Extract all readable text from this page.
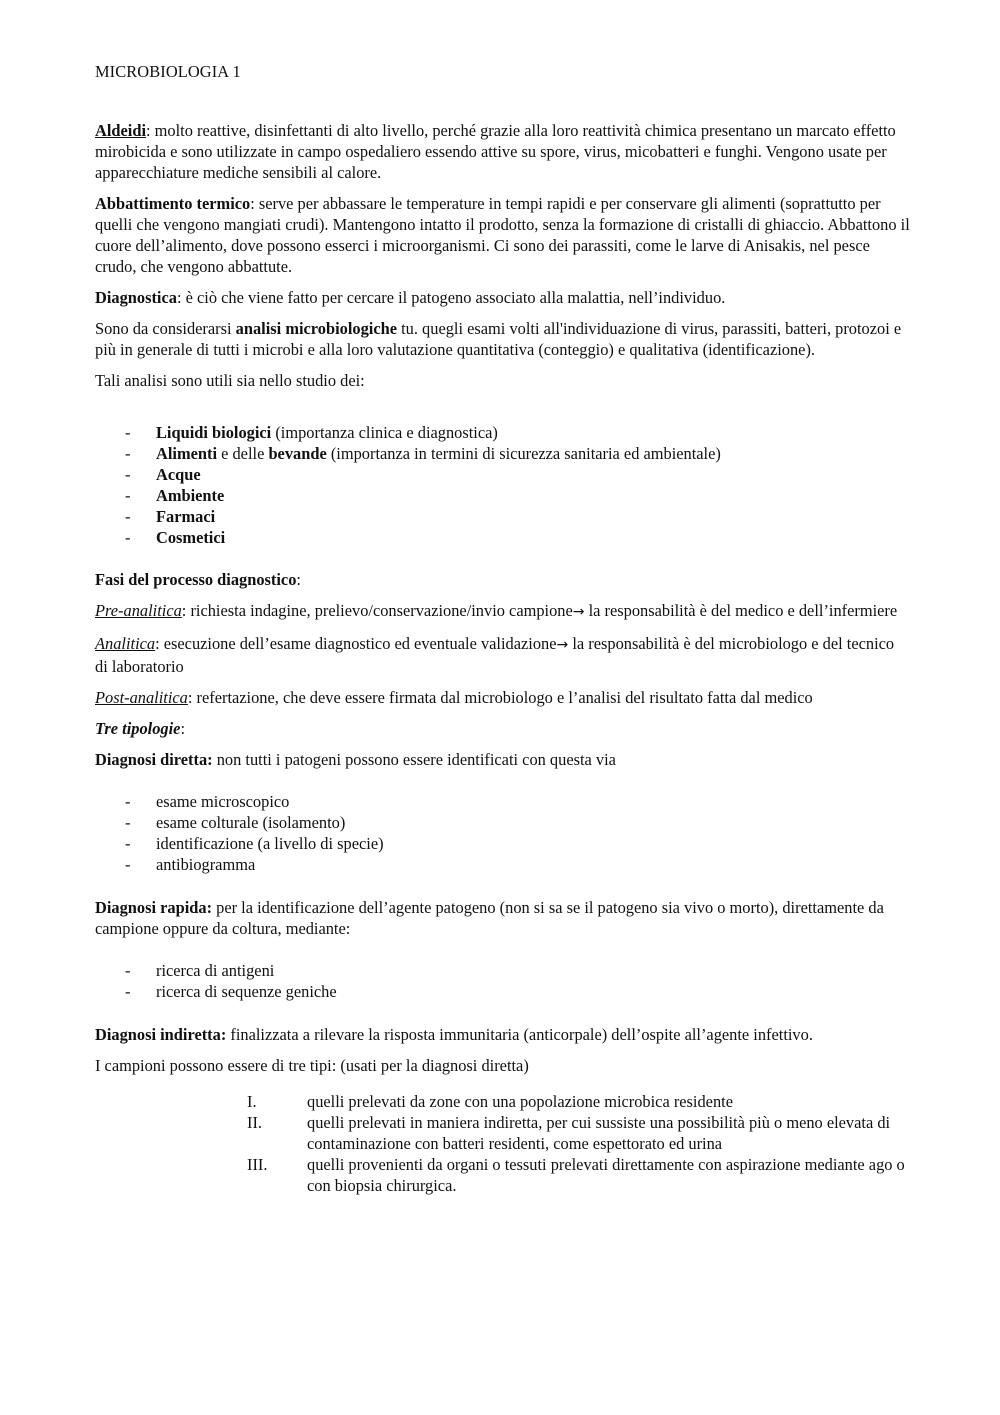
MICROBIOLOGIA 1

Aldeidi: molto reattive, disinfettanti di alto livello, perché grazie alla loro reattività chimica presentano un marcato effetto mirobicida e sono utilizzate in campo ospedaliero essendo attive su spore, virus, micobatteri e funghi. Vengono usate per apparecchiature mediche sensibili al calore.

Abbattimento termico: serve per abbassare le temperature in tempi rapidi e per conservare gli alimenti (soprattutto per quelli che vengono mangiati crudi). Mantengono intatto il prodotto, senza la formazione di cristalli di ghiaccio. Abbattono il cuore dell’alimento, dove possono esserci i microorganismi. Ci sono dei parassiti, come le larve di Anisakis, nel pesce crudo, che vengono abbattute.

Diagnostica: è ciò che viene fatto per cercare il patogeno associato alla malattia, nell’individuo.

Sono da considerarsi analisi microbiologiche tu. quegli esami volti all'individuazione di virus, parassiti, batteri, protozoi e più in generale di tutti i microbi e alla loro valutazione quantitativa (conteggio) e qualitativa (identificazione).

Tali analisi sono utili sia nello studio dei:

- Liquidi biologici (importanza clinica e diagnostica)
- Alimenti e delle bevande (importanza in termini di sicurezza sanitaria ed ambientale)
- Acque
- Ambiente
- Farmaci
- Cosmetici

Fasi del processo diagnostico:

Pre-analitica: richiesta indagine, prelievo/conservazione/invio campione→ la responsabilità è del medico e dell’infermiere

Analitica: esecuzione dell’esame diagnostico ed eventuale validazione→ la responsabilità è del microbiologo e del tecnico di laboratorio

Post-analitica: refertazione, che deve essere firmata dal microbiologo e l’analisi del risultato fatta dal medico

Tre tipologie:

Diagnosi diretta: non tutti i patogeni possono essere identificati con questa via

- esame microscopico
- esame colturale (isolamento)
- identificazione (a livello di specie)
- antibiogramma

Diagnosi rapida: per la identificazione dell’agente patogeno (non si sa se il patogeno sia vivo o morto), direttamente da campione oppure da coltura, mediante:

- ricerca di antigeni
- ricerca di sequenze geniche

Diagnosi indiretta: finalizzata a rilevare la risposta immunitaria (anticorpale) dell’ospite all’agente infettivo.

I campioni possono essere di tre tipi: (usati per la diagnosi diretta)

I.	quelli prelevati da zone con una popolazione microbica residente
II.	quelli prelevati in maniera indiretta, per cui sussiste una possibilità più o meno elevata di contaminazione con batteri residenti, come espettorato ed urina
III. quelli provenienti da organi o tessuti prelevati direttamente con aspirazione mediante ago o con biopsia chirurgica.
